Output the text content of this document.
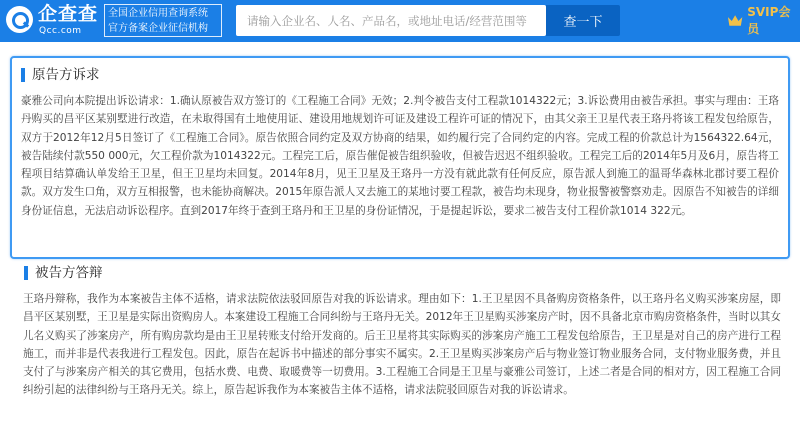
企查查
Qcc.com
全国企业信用查询系统
官方备案企业征信机构
请输入企业名、人名、产品名，或地址电话/经营范围等	查一下
SVIP会员
原告方诉求
豪雅公司向本院提出诉讼请求：1.确认原被告双方签订的《工程施工合同》无效；2.判令被告支付工程款1014322元；3.诉讼费用由被告承担。事实与理由：王珞丹购买的昌平区某别墅进行改造，在未取得国有土地使用证、建设用地规划许可证及建设工程许可证的情况下，由其父亲王卫星代表王珞丹将该工程发包给原告，双方于2012年12月5日签订了《工程施工合同》。原告依照合同约定及双方协商的结果，如约履行完了合同约定的内容。完成工程的价款总计为1564322.64元，被告陆续付款550 000元，欠工程价款为1014322元。工程完工后，原告催促被告组织验收，但被告迟迟不组织验收。工程完工后的2014年5月及6月，原告将工程项目结算确认单发给王卫星，但王卫星均未回复。2014年8月，见王卫星及王珞丹一方没有就此款有任何反应，原告派人到施工的温哥华森林北郡讨要工程价款。双方发生口角，双方互相报警，也未能协商解决。2015年原告派人又去施工的某地讨要工程款，被告均未现身，物业报警被警察劝走。因原告不知被告的详细身份证信息，无法启动诉讼程序。直到2017年终于查到王珞丹和王卫星的身份证情况，于是提起诉讼，要求二被告支付工程价款1014 322元。
被告方答辩
王珞丹辩称，我作为本案被告主体不适格，请求法院依法驳回原告对我的诉讼请求。理由如下：1.王卫星因不具备购房资格条件，以王珞丹名义购买涉案房屋，即昌平区某别墅，王卫星是实际出资购房人。本案建设工程施工合同纠纷与王珞丹无关。2012年王卫星购买涉案房产时，因不具备北京市购房资格条件，当时以其女儿名义购买了涉案房产，所有购房款均是由王卫星转账支付给开发商的。后王卫星将其实际购买的涉案房产施工工程发包给原告，王卫星是对自己的房产进行工程施工，而并非是代表我进行工程发包。因此，原告在起诉书中描述的部分事实不属实。2.王卫星购买涉案房产后与物业签订物业服务合同，支付物业服务费，并且支付了与涉案房产相关的其它费用，包括水费、电费、取暖费等一切费用。3.工程施工合同是王卫星与豪雅公司签订，上述二者是合同的相对方，因工程施工合同纠纷引起的法律纠纷与王珞丹无关。综上，原告起诉我作为本案被告主体不适格，请求法院驳回原告对我的诉讼请求。
